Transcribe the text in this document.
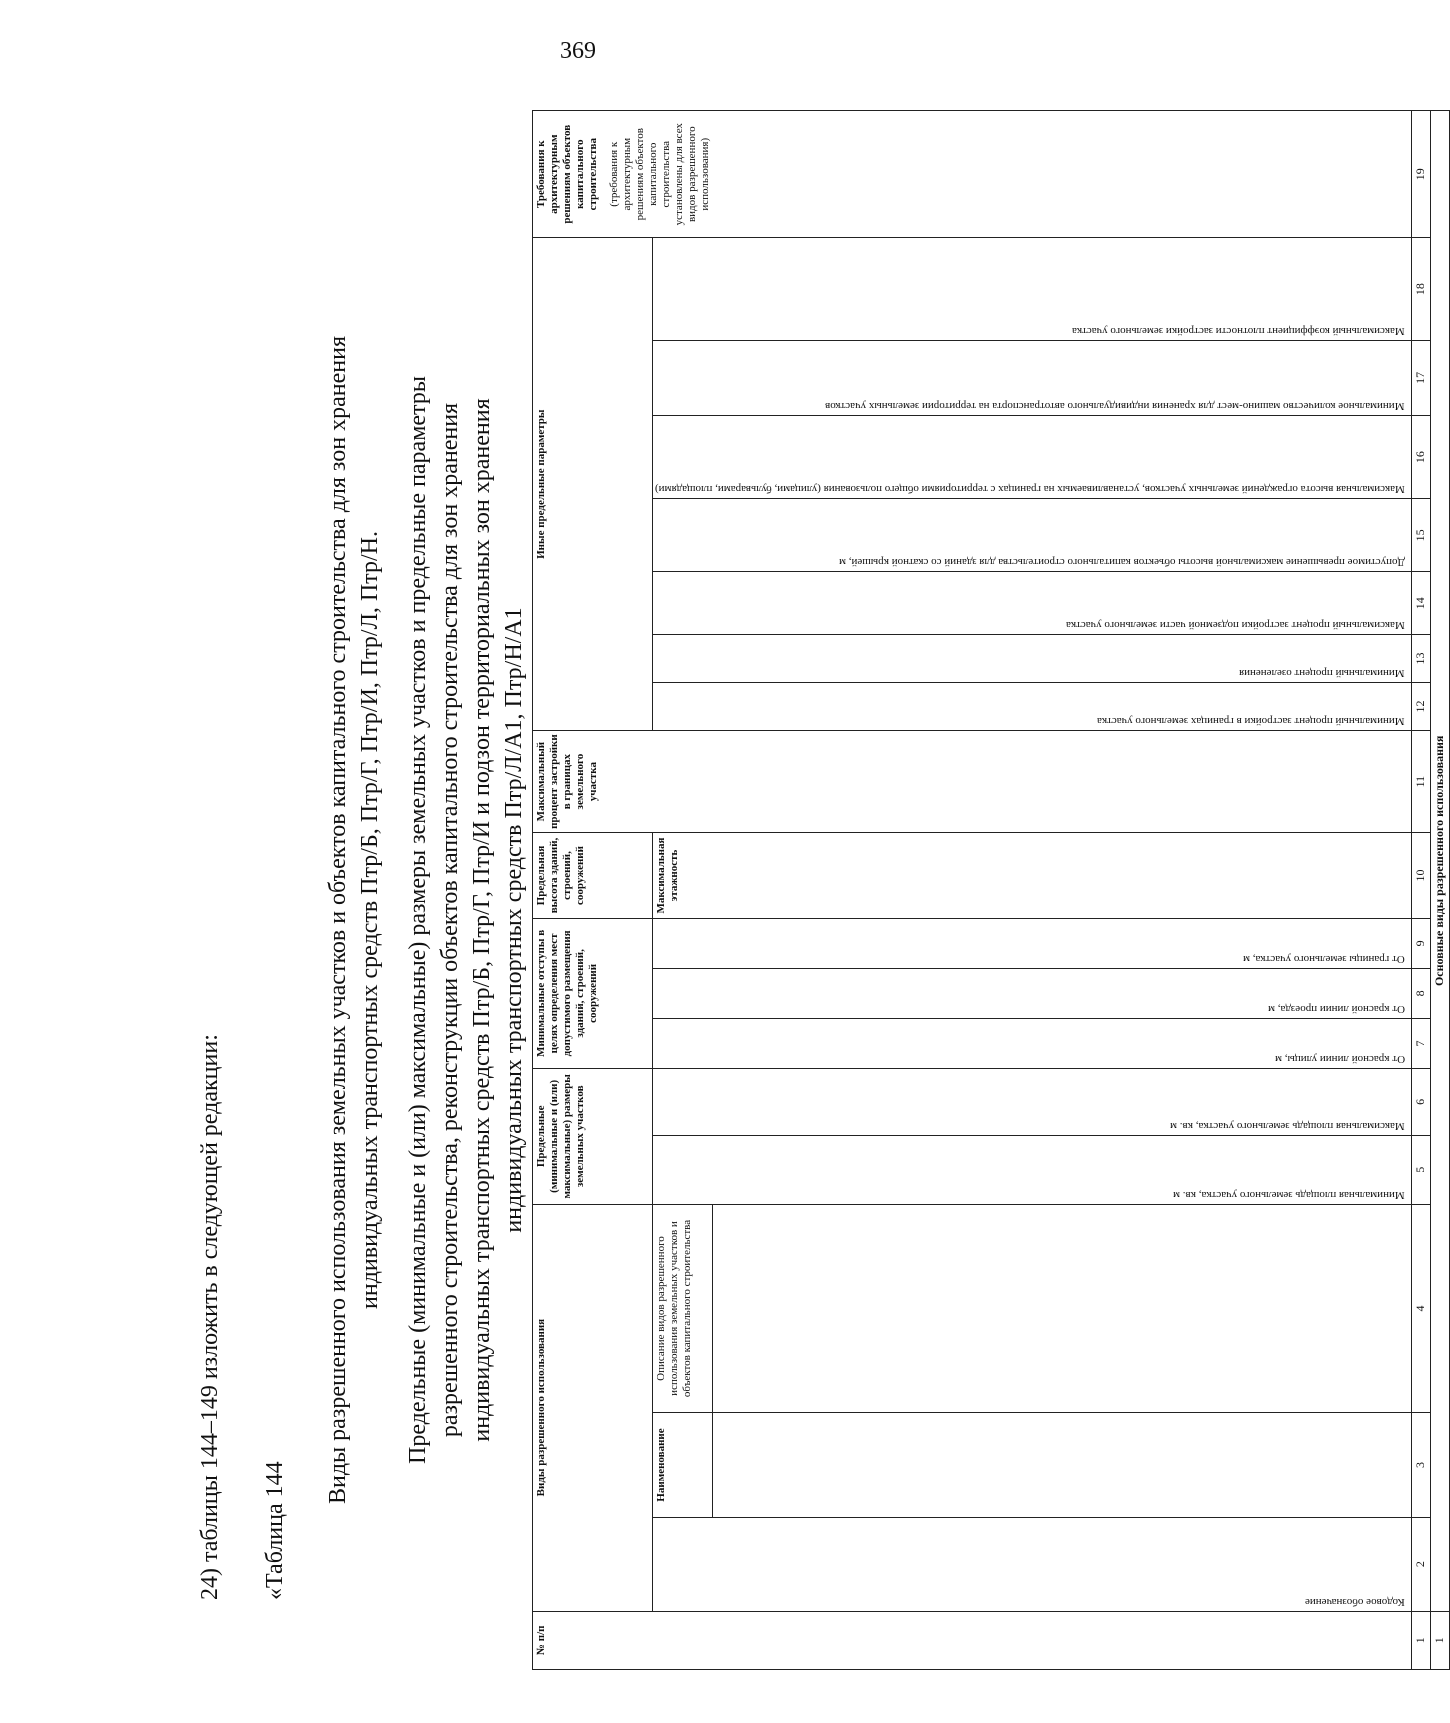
369
24) таблицы 144–149 изложить в следующей редакции: «Таблица 144
Виды разрешенного использования земельных участков и объектов капитального строительства для зон хранения индивидуальных транспортных средств Птр/Б, Птр/Г, Птр/И, Птр/Л, Птр/Н. Предельные (минимальные и (или) максимальные) размеры земельных участков и предельные параметры разрешенного строительства, реконструкции объектов капитального строительства для зон хранения индивидуальных транспортных средств Птр/Б, Птр/Г, Птр/И и подзон территориальных зон хранения индивидуальных транспортных средств Птр/Л/А1, Птр/Н/А1
№ п/п	Виды разрешенного использования			Предельные (минимальные и (или) максимальные) размеры земельных участков		Минимальные отступы в целях определения мест допустимого размещения зданий, строений, сооружений			Предельная высота зданий, строений, сооружений	Максимальный процент застройки в границах земельного участка	Иные предельные параметры							Требования к архитектурным решениям объектов капитального строительства (требования к архитектурным решениям объектов капитального строительства установлены для всех видов разрешенного использования)

	Кодовое обозначение	Наименование	Описание видов разрешенного использования земельных участков и объектов капитального строительства	Минимальная площадь земельного участка, кв. м	Максимальная площадь земельного участка, кв. м	От красной линии улицы, м	От красной линии проезда, м	От границы земельного участка, м	Максимальная этажность		Минимальный процент застройки в границах земельного участка	Минимальный процент озеленения	Максимальный процент застройки подземной части земельного участка	Допустимое превышение максимальной высоты объектов капитального строительства для зданий со скатной крышей, м	Максимальная высота ограждений земельных участков, устанавливаемых на границах с территориями общего пользования (улицами, бульварами, площадями)	Минимальное количество машино-мест для хранения индивидуального автотранспорта на территории земельных участков	Максимальный коэффициент плотности застройки земельного участка	

1	2	3	4	5	6	7	8	9	10	11	12	13	14	15	16	17	18	19
1	Основные виды разрешенного использования																	
